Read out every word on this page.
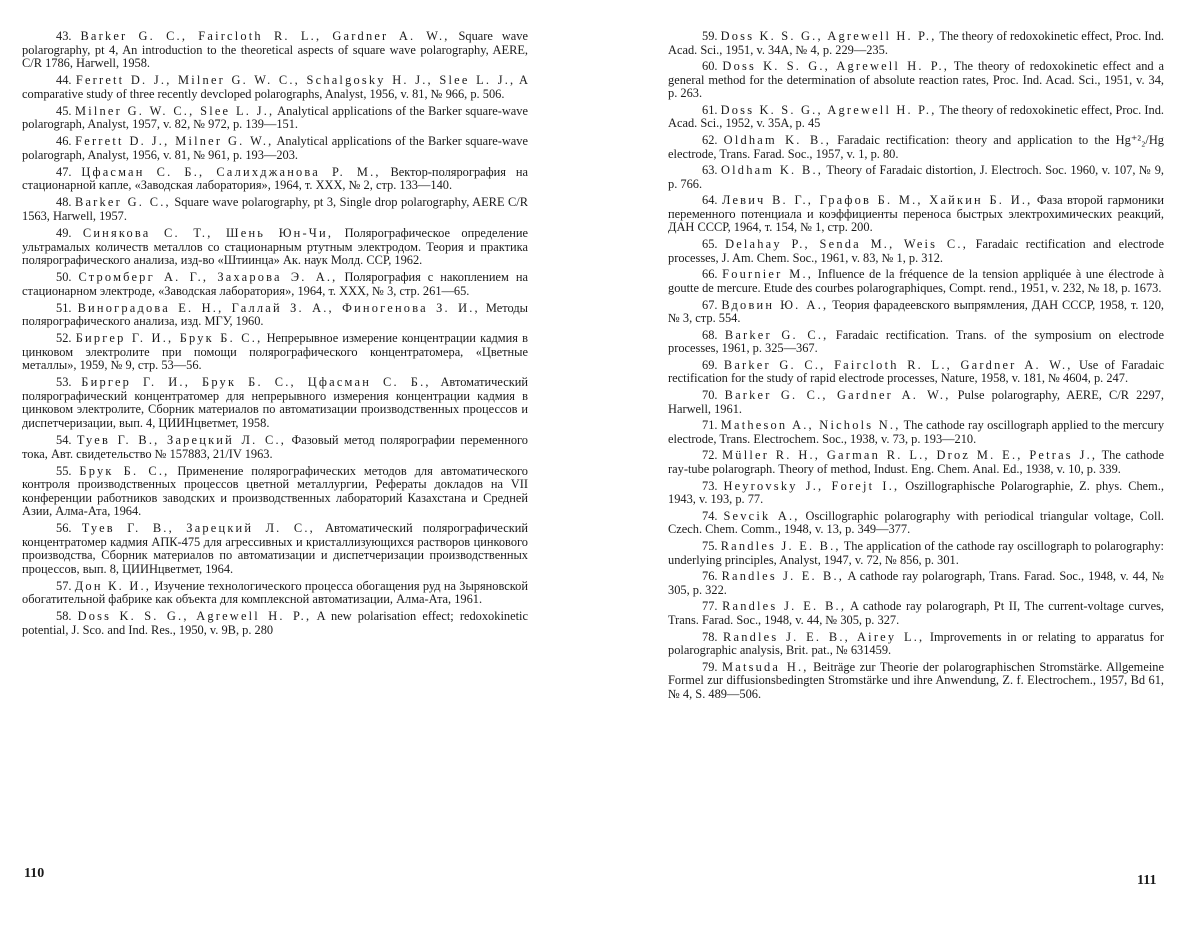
43. Barker G. C., Faircloth R. L., Gardner A. W., Square wave polarography, pt 4, An introduction to the theoretical aspects of square wave polarography, AERE, C/R 1786, Harwell, 1958.
44. Ferrett D. J., Milner G. W. C., Schalgosky H. J., Slee L. J., A comparative study of three recently devcloped polarographs, Analyst, 1956, v. 81, № 966, p. 506.
45. Milner G. W. C., Slee L. J., Analytical applications of the Barker square-wave polarograph, Analyst, 1957, v. 82, № 972, p. 139—151.
46. Ferrett D. J., Milner G. W., Analytical applications of the Barker square-wave polarograph, Analyst, 1956, v. 81, № 961, p. 193—203.
47. Цфасман С. Б., Салихджанова Р. М., Вектор-полярография на стационарной капле, «Заводская лаборатория», 1964, т. XXX, № 2, стр. 133—140.
48. Barker G. C., Square wave polarography, pt 3, Single drop polarography, AERE C/R 1563, Harwell, 1957.
49. Синякова С. Т., Шень Юн-Чи, Полярографическое определение ультрамалых количеств металлов со стационарным ртутным электродом. Теория и практика полярографического анализа, изд-во «Штиинца» Ак. наук Молд. ССР, 1962.
50. Стромберг А. Г., Захарова Э. А., Полярография с накоплением на стационарном электроде, «Заводская лаборатория», 1964, т. XXX, № 3, стр. 261—65.
51. Виноградова Е. Н., Галлай З. А., Финогенова З. И., Методы полярографического анализа, изд. МГУ, 1960.
52. Биргер Г. И., Брук Б. С., Непрерывное измерение концентрации кадмия в цинковом электролите при помощи полярографического концентратомера, «Цветные металлы», 1959, № 9, стр. 53—56.
53. Биргер Г. И., Брук Б. С., Цфасман С. Б., Автоматический полярографический концентратомер для непрерывного измерения концентрации кадмия в цинковом электролите, Сборник материалов по автоматизации производственных процессов и диспетчеризации, вып. 4, ЦИИНцветмет, 1958.
54. Туев Г. В., Зарецкий Л. С., Фазовый метод полярографии переменного тока, Авт. свидетельство № 157883, 21/IV 1963.
55. Брук Б. С., Применение полярографических методов для автоматического контроля производственных процессов цветной металлургии, Рефераты докладов на VII конференции работников заводских и производственных лабораторий Казахстана и Средней Азии, Алма-Ата, 1964.
56. Туев Г. В., Зарецкий Л. С., Автоматический полярографический концентратомер кадмия АПК-475 для агрессивных и кристаллизующихся растворов цинкового производства, Сборник материалов по автоматизации и диспетчеризации производственных процессов, вып. 8, ЦИИНцветмет, 1964.
57. Дон К. И., Изучение технологического процесса обогащения руд на Зыряновской обогатительной фабрике как объекта для комплексной автоматизации, Алма-Ата, 1961.
58. Doss K. S. G., Agrewell H. P., A new polarisation effect; redoxokinetic potential, J. Sco. and Ind. Res., 1950, v. 9B, p. 280
110
59. Doss K. S. G., Agrewell H. P., The theory of redoxokinetic effect, Proc. Ind. Acad. Sci., 1951, v. 34A, № 4, p. 229—235.
60. Doss K. S. G., Agrewell H. P., The theory of redoxokinetic effect and a general method for the determination of absolute reaction rates, Proc. Ind. Acad. Sci., 1951, v. 34, p. 263.
61. Doss K. S. G., Agrewell H. P., The theory of redoxokinetic effect, Proc. Ind. Acad. Sci., 1952, v. 35A, p. 45
62. Oldham K. B., Faradaic rectification: theory and application to the Hg⁺²₂/Hg electrode, Trans. Farad. Soc., 1957, v. 1, p. 80.
63. Oldham K. B., Theory of Faradaic distortion, J. Electroch. Soc. 1960, v. 107, № 9, p. 766.
64. Левич В. Г., Графов Б. М., Хайкин Б. И., Фаза второй гармоники переменного потенциала и коэффициенты переноса быстрых электрохимических реакций, ДАН СССР, 1964, т. 154, № 1, стр. 200.
65. Delahay P., Senda M., Weis C., Faradaic rectification and electrode processes, J. Am. Chem. Soc., 1961, v. 83, № 1, p. 312.
66. Fournier M., Influence de la fréquence de la tension appliquée à une électrode à goutte de mercure. Etude des courbes polarographiques, Compt. rend., 1951, v. 232, № 18, p. 1673.
67. Вдовин Ю. А., Теория фарадеевского выпрямления, ДАН СССР, 1958, т. 120, № 3, стр. 554.
68. Barker G. C., Faradaic rectification. Trans. of the symposium on electrode processes, 1961, p. 325—367.
69. Barker G. C., Faircloth R. L., Gardner A. W., Use of Faradaic rectification for the study of rapid electrode processes, Nature, 1958, v. 181, № 4604, p. 247.
70. Barker G. C., Gardner A. W., Pulse polarography, AERE, C/R 2297, Harwell, 1961.
71. Matheson A., Nichols N., The cathode ray oscillograph applied to the mercury electrode, Trans. Electrochem. Soc., 1938, v. 73, p. 193—210.
72. Müller R. H., Garman R. L., Droz M. E., Petras J., The cathode ray-tube polarograph. Theory of method, Indust. Eng. Chem. Anal. Ed., 1938, v. 10, p. 339.
73. Heyrovsky J., Forejt I., Oszillographische Polarographie, Z. phys. Chem., 1943, v. 193, p. 77.
74. Sevcik A., Oscillographic polarography with periodical triangular voltage, Coll. Czech. Chem. Comm., 1948, v. 13, p. 349—377.
75. Randles J. E. B., The application of the cathode ray oscillograph to polarography: underlying principles, Analyst, 1947, v. 72, № 856, p. 301.
76. Randles J. E. B., A cathode ray polarograph, Trans. Farad. Soc., 1948, v. 44, № 305, p. 322.
77. Randles J. E. B., A cathode ray polarograph, Pt II, The current-voltage curves, Trans. Farad. Soc., 1948, v. 44, № 305, p. 327.
78. Randles J. E. B., Airey L., Improvements in or relating to apparatus for polarographic analysis, Brit. pat., № 631459.
79. Matsuda H., Beiträge zur Theorie der polarographischen Stromstärke. Allgemeine Formel zur diffusionsbedingten Stromstärke und ihre Anwendung, Z. f. Electrochem., 1957, Bd 61, № 4, S. 489—506.
111
